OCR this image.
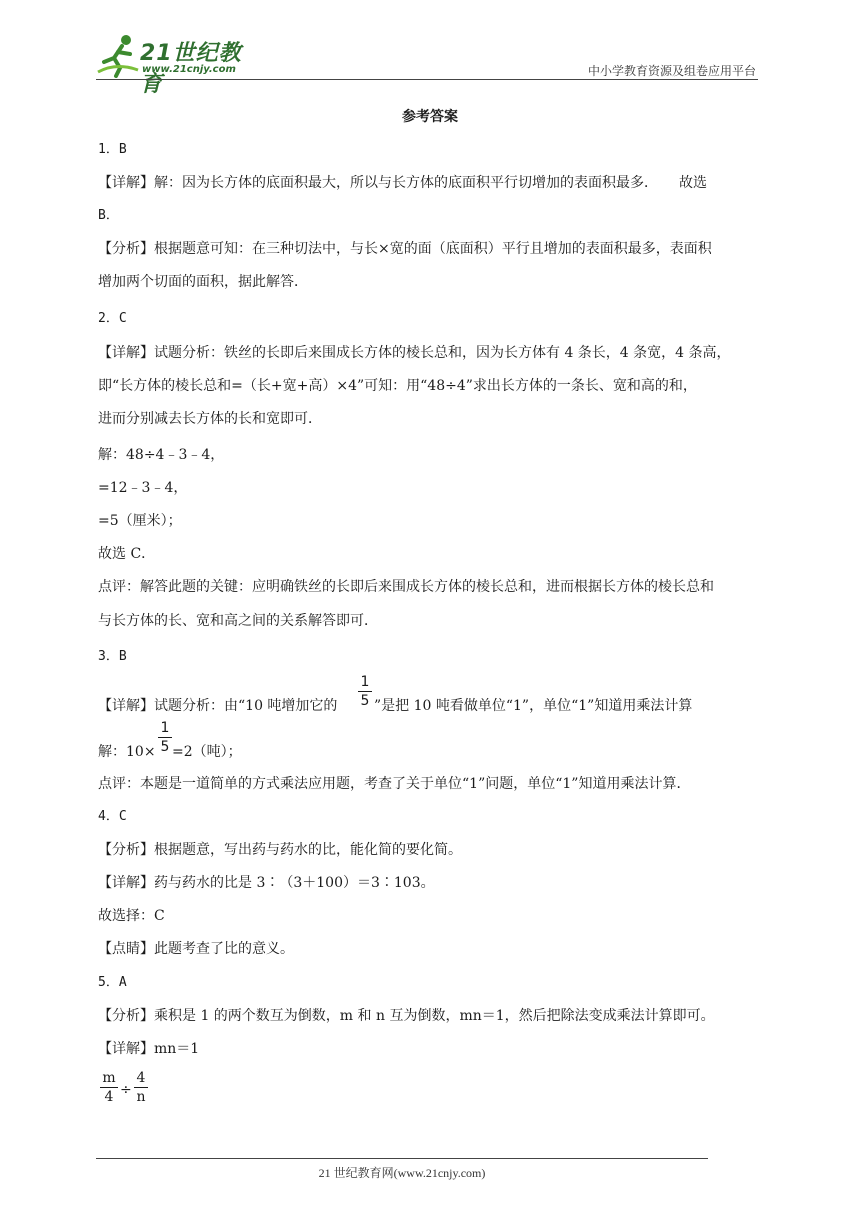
21世纪教育
www.21cnjy.com	中小学教育资源及组卷应用平台
参考答案
1．B
【详解】解：因为长方体的底面积最大，所以与长方体的底面积平行切增加的表面积最多．　　故选
B．
【分析】根据题意可知：在三种切法中，与长×宽的面（底面积）平行且增加的表面积最多，表面积
增加两个切面的面积，据此解答．
2．C
【详解】试题分析：铁丝的长即后来围成长方体的棱长总和，因为长方体有 4 条长，4 条宽，4 条高，
即“长方体的棱长总和=（长+宽+高）×4”可知：用“48÷4”求出长方体的一条长、宽和高的和，
进而分别减去长方体的长和宽即可．
解：48÷4﹣3﹣4，
=12﹣3﹣4，
=5（厘米）；
故选 C．
点评：解答此题的关键：应明确铁丝的长即后来围成长方体的棱长总和，进而根据长方体的棱长总和
与长方体的长、宽和高之间的关系解答即可．
3．B
【详解】试题分析：由“10 吨增加它的
1
5 ”是把 10 吨看做单位“1”，单位“1”知道用乘法计算
解：10×
1
5 =2（吨）；
点评：本题是一道简单的方式乘法应用题，考查了关于单位“1”问题，单位“1”知道用乘法计算．
4．C
【分析】根据题意，写出药与药水的比，能化简的要化简。
【详解】药与药水的比是 3∶（3＋100）＝3∶103。
故选择：C
【点睛】此题考查了比的意义。
5．A
【分析】乘积是 1 的两个数互为倒数，m 和 n 互为倒数，mn＝1，然后把除法变成乘法计算即可。
【详解】mn＝1
m
4 ÷
4
n
21 世纪教育网(www.21cnjy.com)
